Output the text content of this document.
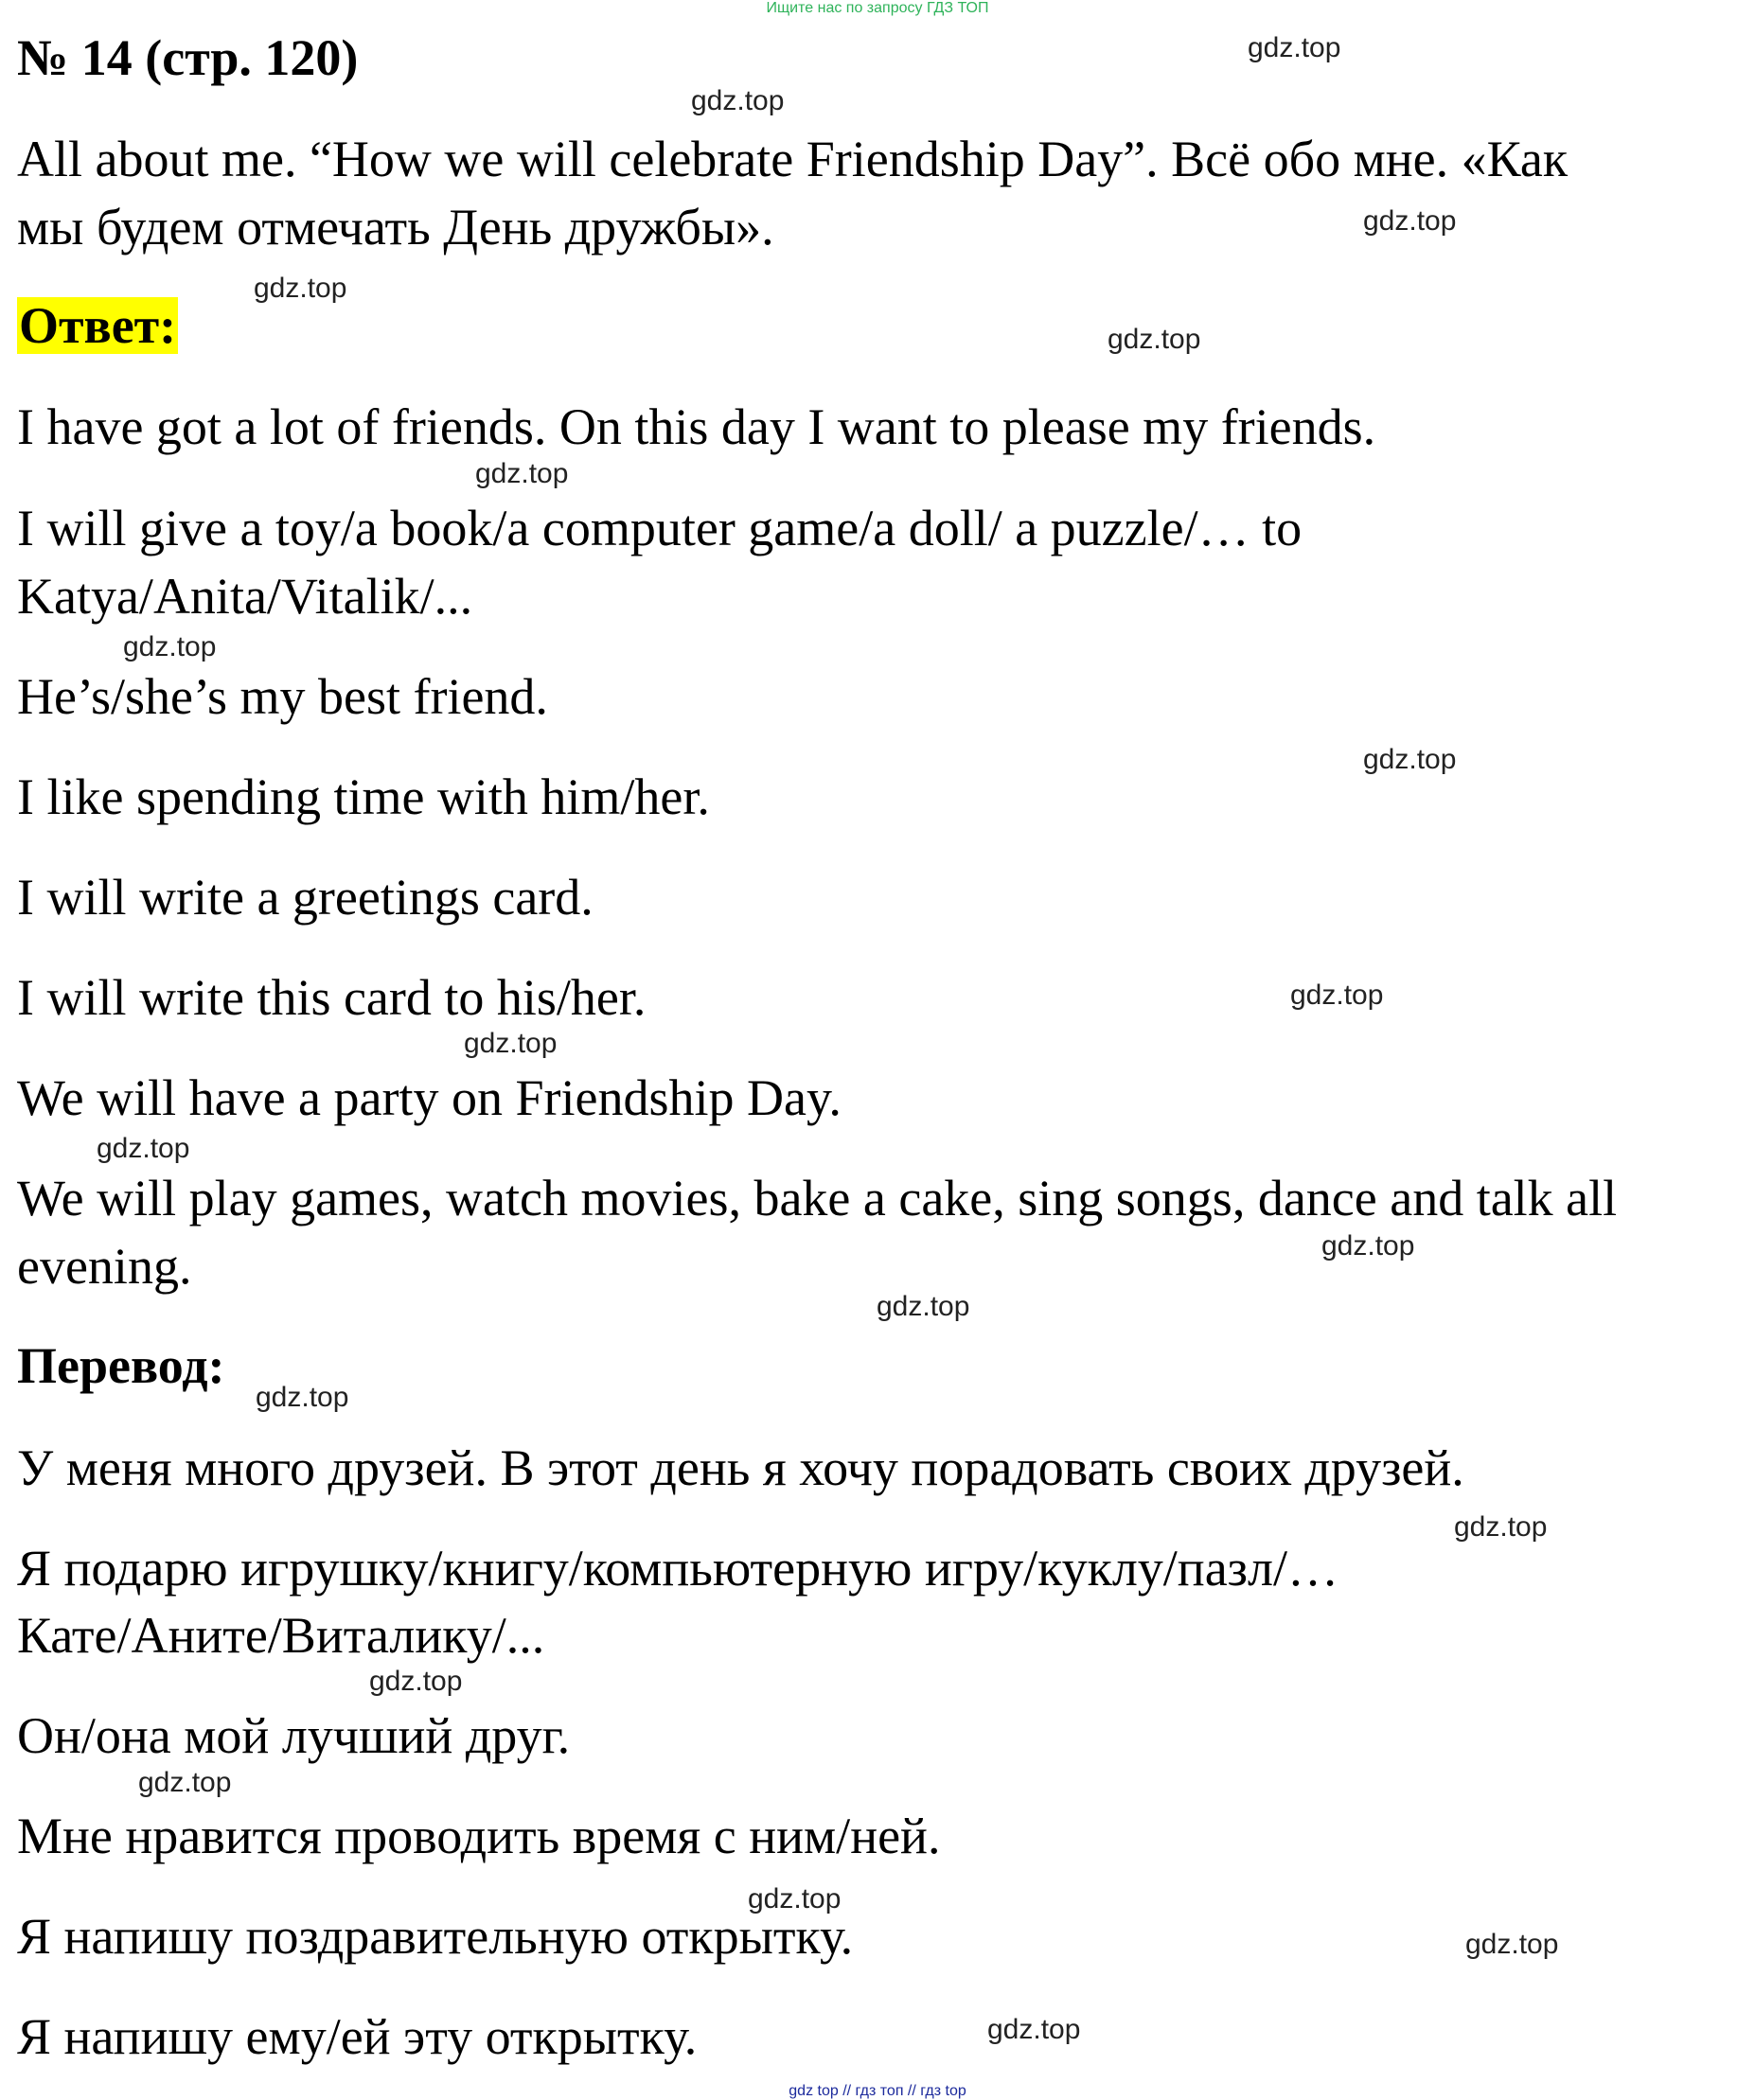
Ищите нас по запросу ГДЗ ТОП
№ 14 (стр. 120)
All about me. “How we will celebrate Friendship Day”. Всё обо мне. «Как
мы будем отмечать День дружбы».
Ответ:
I have got a lot of friends. On this day I want to please my friends.
I will give a toy/a book/a computer game/a doll/ a puzzle/… to
Katya/Anita/Vitalik/...
He’s/she’s my best friend.
I like spending time with him/her.
I will write a greetings card.
I will write this card to his/her.
We will have a party on Friendship Day.
We will play games, watch movies, bake a cake, sing songs, dance and talk all
evening.
Перевод:
У меня много друзей. В этот день я хочу порадовать своих друзей.
Я подарю игрушку/книгу/компьютерную игру/куклу/пазл/…
Кате/Аните/Виталику/...
Он/она мой лучший друг.
Мне нравится проводить время с ним/ней.
Я напишу поздравительную открытку.
Я напишу ему/ей эту открытку.
gdz.top
gdz.top
gdz.top
gdz.top
gdz.top
gdz.top
gdz.top
gdz.top
gdz.top
gdz.top
gdz.top
gdz.top
gdz.top
gdz.top
gdz.top
gdz.top
gdz.top
gdz.top
gdz.top
gdz.top
gdz top // гдз топ // гдз top
